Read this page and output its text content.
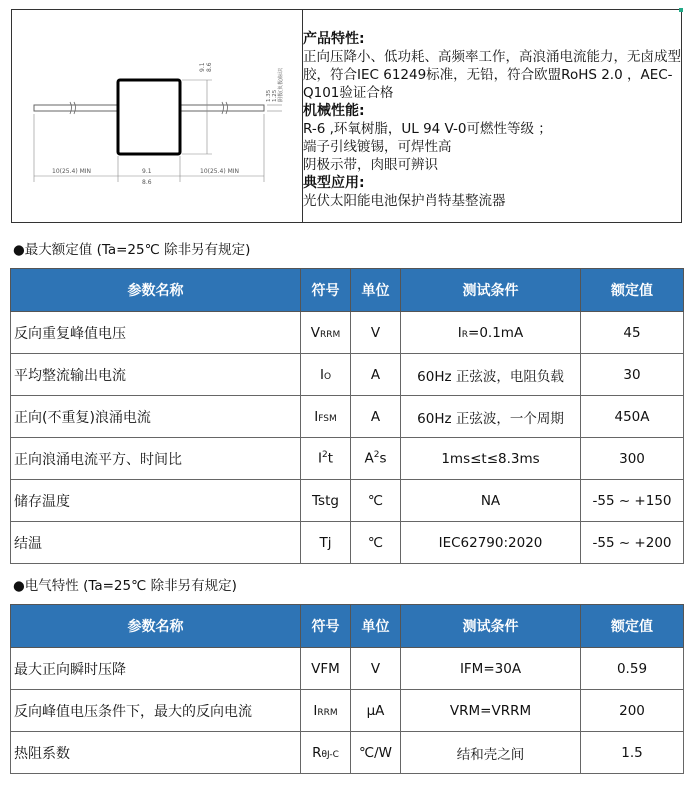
9.1 8.6
1.35 1.25 阴极(负极)标识
10(25.4) MIN	9.1
8.6
10(25.4) MIN
产品特性:
正向压降小、低功耗、高频率工作，高浪涌电流能力，无卤成型胶，符合IEC 61249标准，无铅，符合欧盟RoHS 2.0 ，AEC-Q101验证合格
机械性能:
R-6 ,环氧树脂，UL 94 V-0可燃性等级 ；
端子引线镀锡，可焊性高
阴极示带，肉眼可辨识
典型应用:
光伏太阳能电池保护肖特基整流器
●最大额定值 (Ta=25℃ 除非另有规定)
参数名称	符号	单位	测试条件	额定值
反向重复峰值电压	VRRM	V	IR=0.1mA	45
平均整流输出电流	IO	A	60Hz 正弦波，电阻负载	30
正向(不重复)浪涌电流	IFSM	A	60Hz 正弦波，一个周期	450A
正向浪涌电流平方、时间比	$I^2t$	$A^2s$	1ms≤t≤8.3ms	300
储存温度	Tstg	℃	NA	-55 ~ +150
结温	Tj	℃	IEC62790:2020	-55 ~ +200
●电气特性 (Ta=25℃ 除非另有规定)
参数名称	符号	单位	测试条件	额定值
最大正向瞬时压降	VFM	V	IFM=30A	0.59
反向峰值电压条件下，最大的反向电流	IRRM	μA	VRM=VRRM	200
热阻系数	RθJ-C	℃/W	结和壳之间	1.5
